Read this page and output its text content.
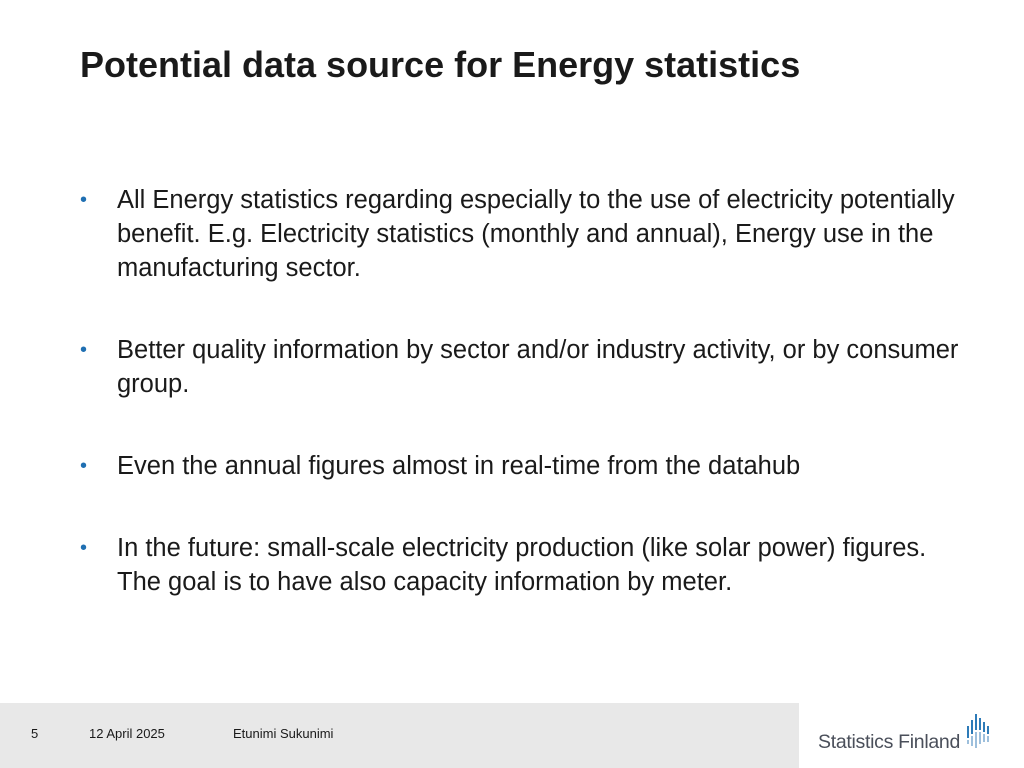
Potential data source for Energy statistics
• All Energy statistics regarding especially to the use of electricity potentially benefit. E.g. Electricity statistics (monthly and annual), Energy use in the manufacturing sector.
• Better quality information by sector and/or industry activity, or by consumer group.
• Even the annual figures almost in real-time from the datahub
• In the future: small-scale electricity production (like solar power) figures. The goal is to have also capacity information by meter.
5	12 April 2025	Etunimi Sukunimi	Statistics Finland
